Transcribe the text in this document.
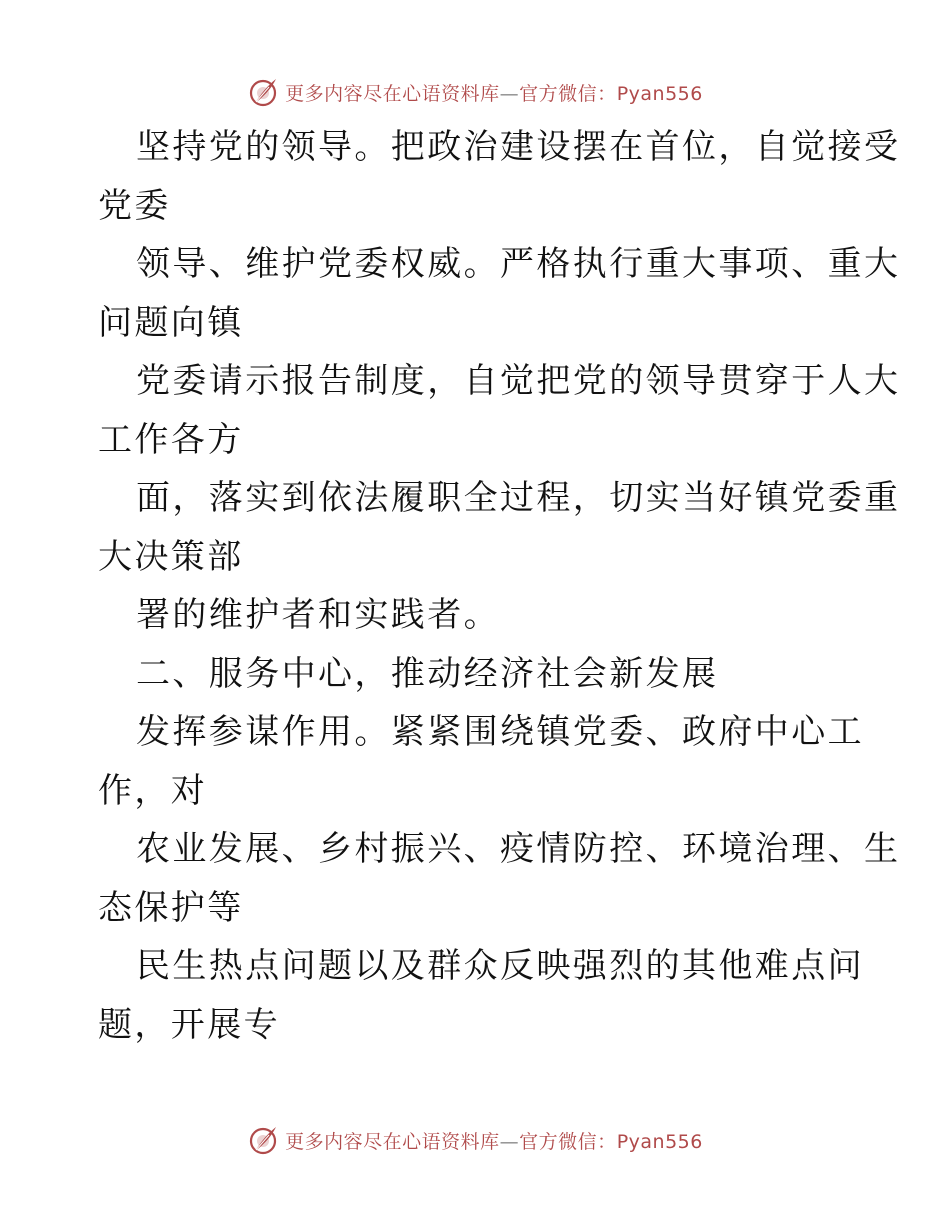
更多内容尽在心语资料库—官方微信：Pyan556
坚持党的领导。把政治建设摆在首位，自觉接受
党委
领导、维护党委权威。严格执行重大事项、重大
问题向镇
党委请示报告制度，自觉把党的领导贯穿于人大
工作各方
面，落实到依法履职全过程，切实当好镇党委重
大决策部
署的维护者和实践者。
二、服务中心，推动经济社会新发展
发挥参谋作用。紧紧围绕镇党委、政府中心工
作，对
农业发展、乡村振兴、疫情防控、环境治理、生
态保护等
民生热点问题以及群众反映强烈的其他难点问
题，开展专
更多内容尽在心语资料库—官方微信：Pyan556
